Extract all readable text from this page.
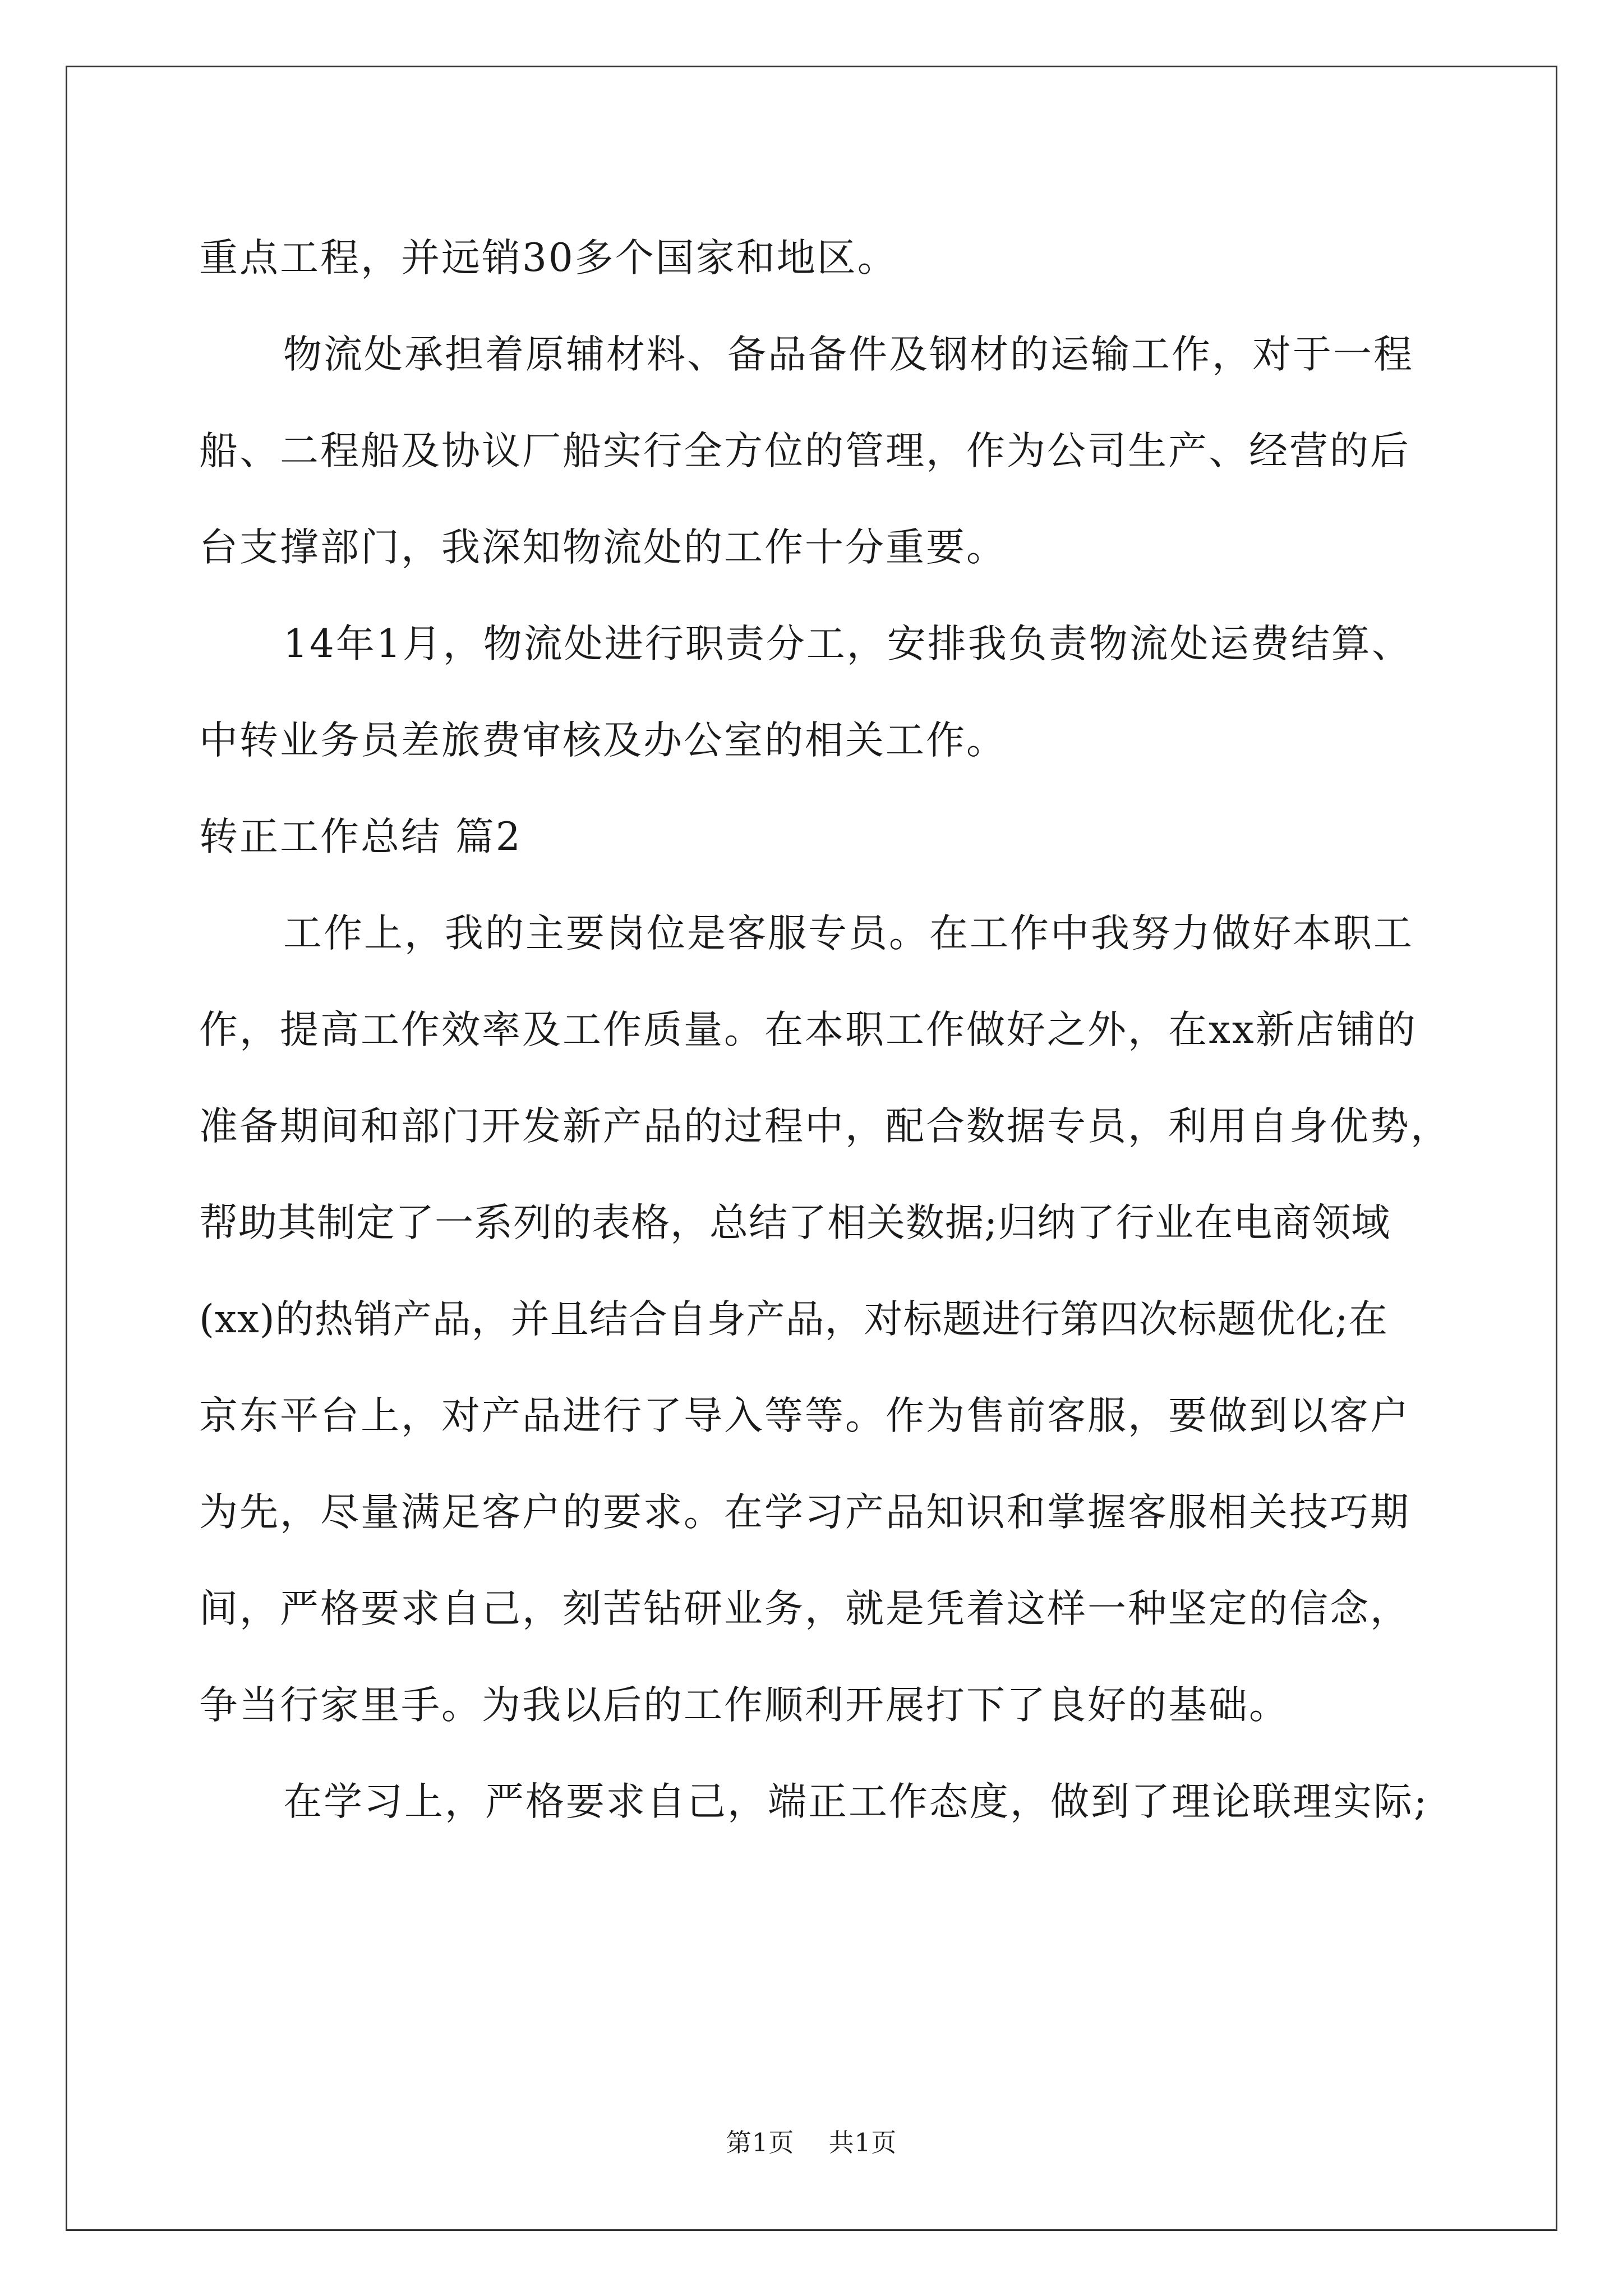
重点工程，并远销30多个国家和地区。
物流处承担着原辅材料、备品备件及钢材的运输工作，对于一程
船、二程船及协议厂船实行全方位的管理，作为公司生产、经营的后
台支撑部门，我深知物流处的工作十分重要。
14年1月，物流处进行职责分工，安排我负责物流处运费结算、
中转业务员差旅费审核及办公室的相关工作。
转正工作总结 篇2
工作上，我的主要岗位是客服专员。在工作中我努力做好本职工
作，提高工作效率及工作质量。在本职工作做好之外，在xx新店铺的
准备期间和部门开发新产品的过程中，配合数据专员，利用自身优势，
帮助其制定了一系列的表格，总结了相关数据;归纳了行业在电商领域
(xx)的热销产品，并且结合自身产品，对标题进行第四次标题优化;在
京东平台上，对产品进行了导入等等。作为售前客服，要做到以客户
为先，尽量满足客户的要求。在学习产品知识和掌握客服相关技巧期
间，严格要求自己，刻苦钻研业务，就是凭着这样一种坚定的信念，
争当行家里手。为我以后的工作顺利开展打下了良好的基础。
在学习上，严格要求自己，端正工作态度，做到了理论联理实际;
第1页 共1页
